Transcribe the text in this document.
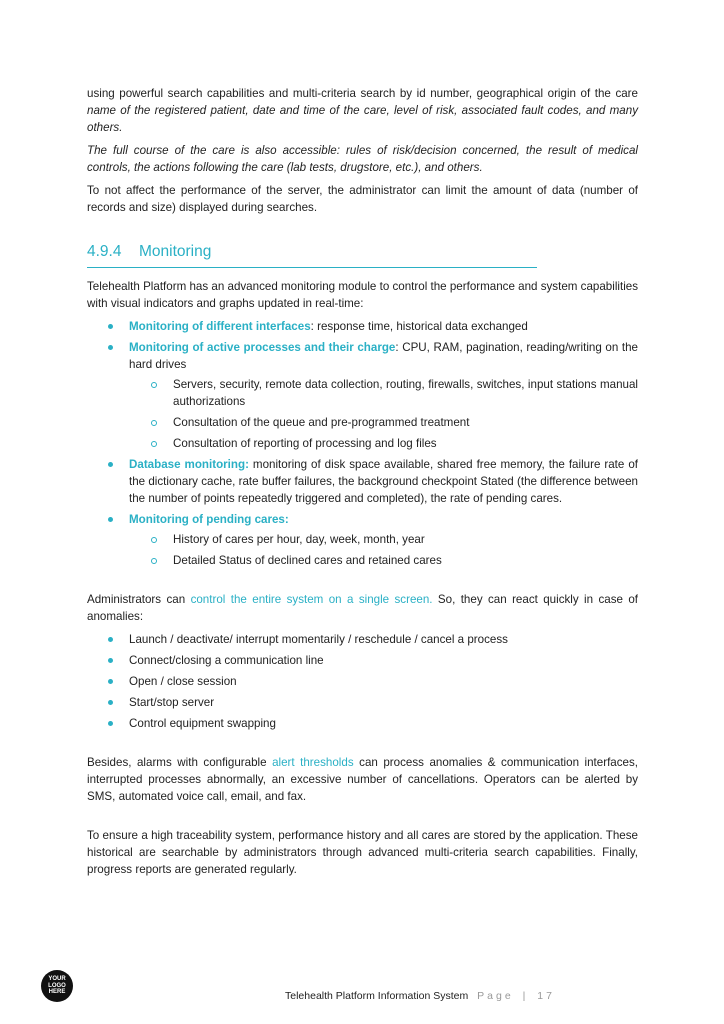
using powerful search capabilities and multi-criteria search by id number, geographical origin of the care name of the registered patient, date and time of the care, level of risk, associated fault codes, and many others.

The full course of the care is also accessible: rules of risk/decision concerned, the result of medical controls, the actions following the care (lab tests, drugstore, etc.), and others.

To not affect the performance of the server, the administrator can limit the amount of data (number of records and size) displayed during searches.

4.9.4 Monitoring

Telehealth Platform has an advanced monitoring module to control the performance and system capabilities with visual indicators and graphs updated in real-time:

Monitoring of different interfaces: response time, historical data exchanged
Monitoring of active processes and their charge: CPU, RAM, pagination, reading/writing on the hard drives
Servers, security, remote data collection, routing, firewalls, switches, input stations manual authorizations
Consultation of the queue and pre-programmed treatment
Consultation of reporting of processing and log files
Database monitoring: monitoring of disk space available, shared free memory, the failure rate of the dictionary cache, rate buffer failures, the background checkpoint Stated (the difference between the number of points repeatedly triggered and completed), the rate of pending cares.
Monitoring of pending cares:
History of cares per hour, day, week, month, year
Detailed Status of declined cares and retained cares

Administrators can control the entire system on a single screen. So, they can react quickly in case of anomalies:

Launch / deactivate/ interrupt momentarily / reschedule / cancel a process
Connect/closing a communication line
Open / close session
Start/stop server
Control equipment swapping

Besides, alarms with configurable alert thresholds can process anomalies & communication interfaces, interrupted processes abnormally, an excessive number of cancellations. Operators can be alerted by SMS, automated voice call, email, and fax.

To ensure a high traceability system, performance history and all cares are stored by the application. These historical are searchable by administrators through advanced multi-criteria search capabilities. Finally, progress reports are generated regularly.

YOUR
LOGO
HERE	Telehealth Platform Information System Page | 17
